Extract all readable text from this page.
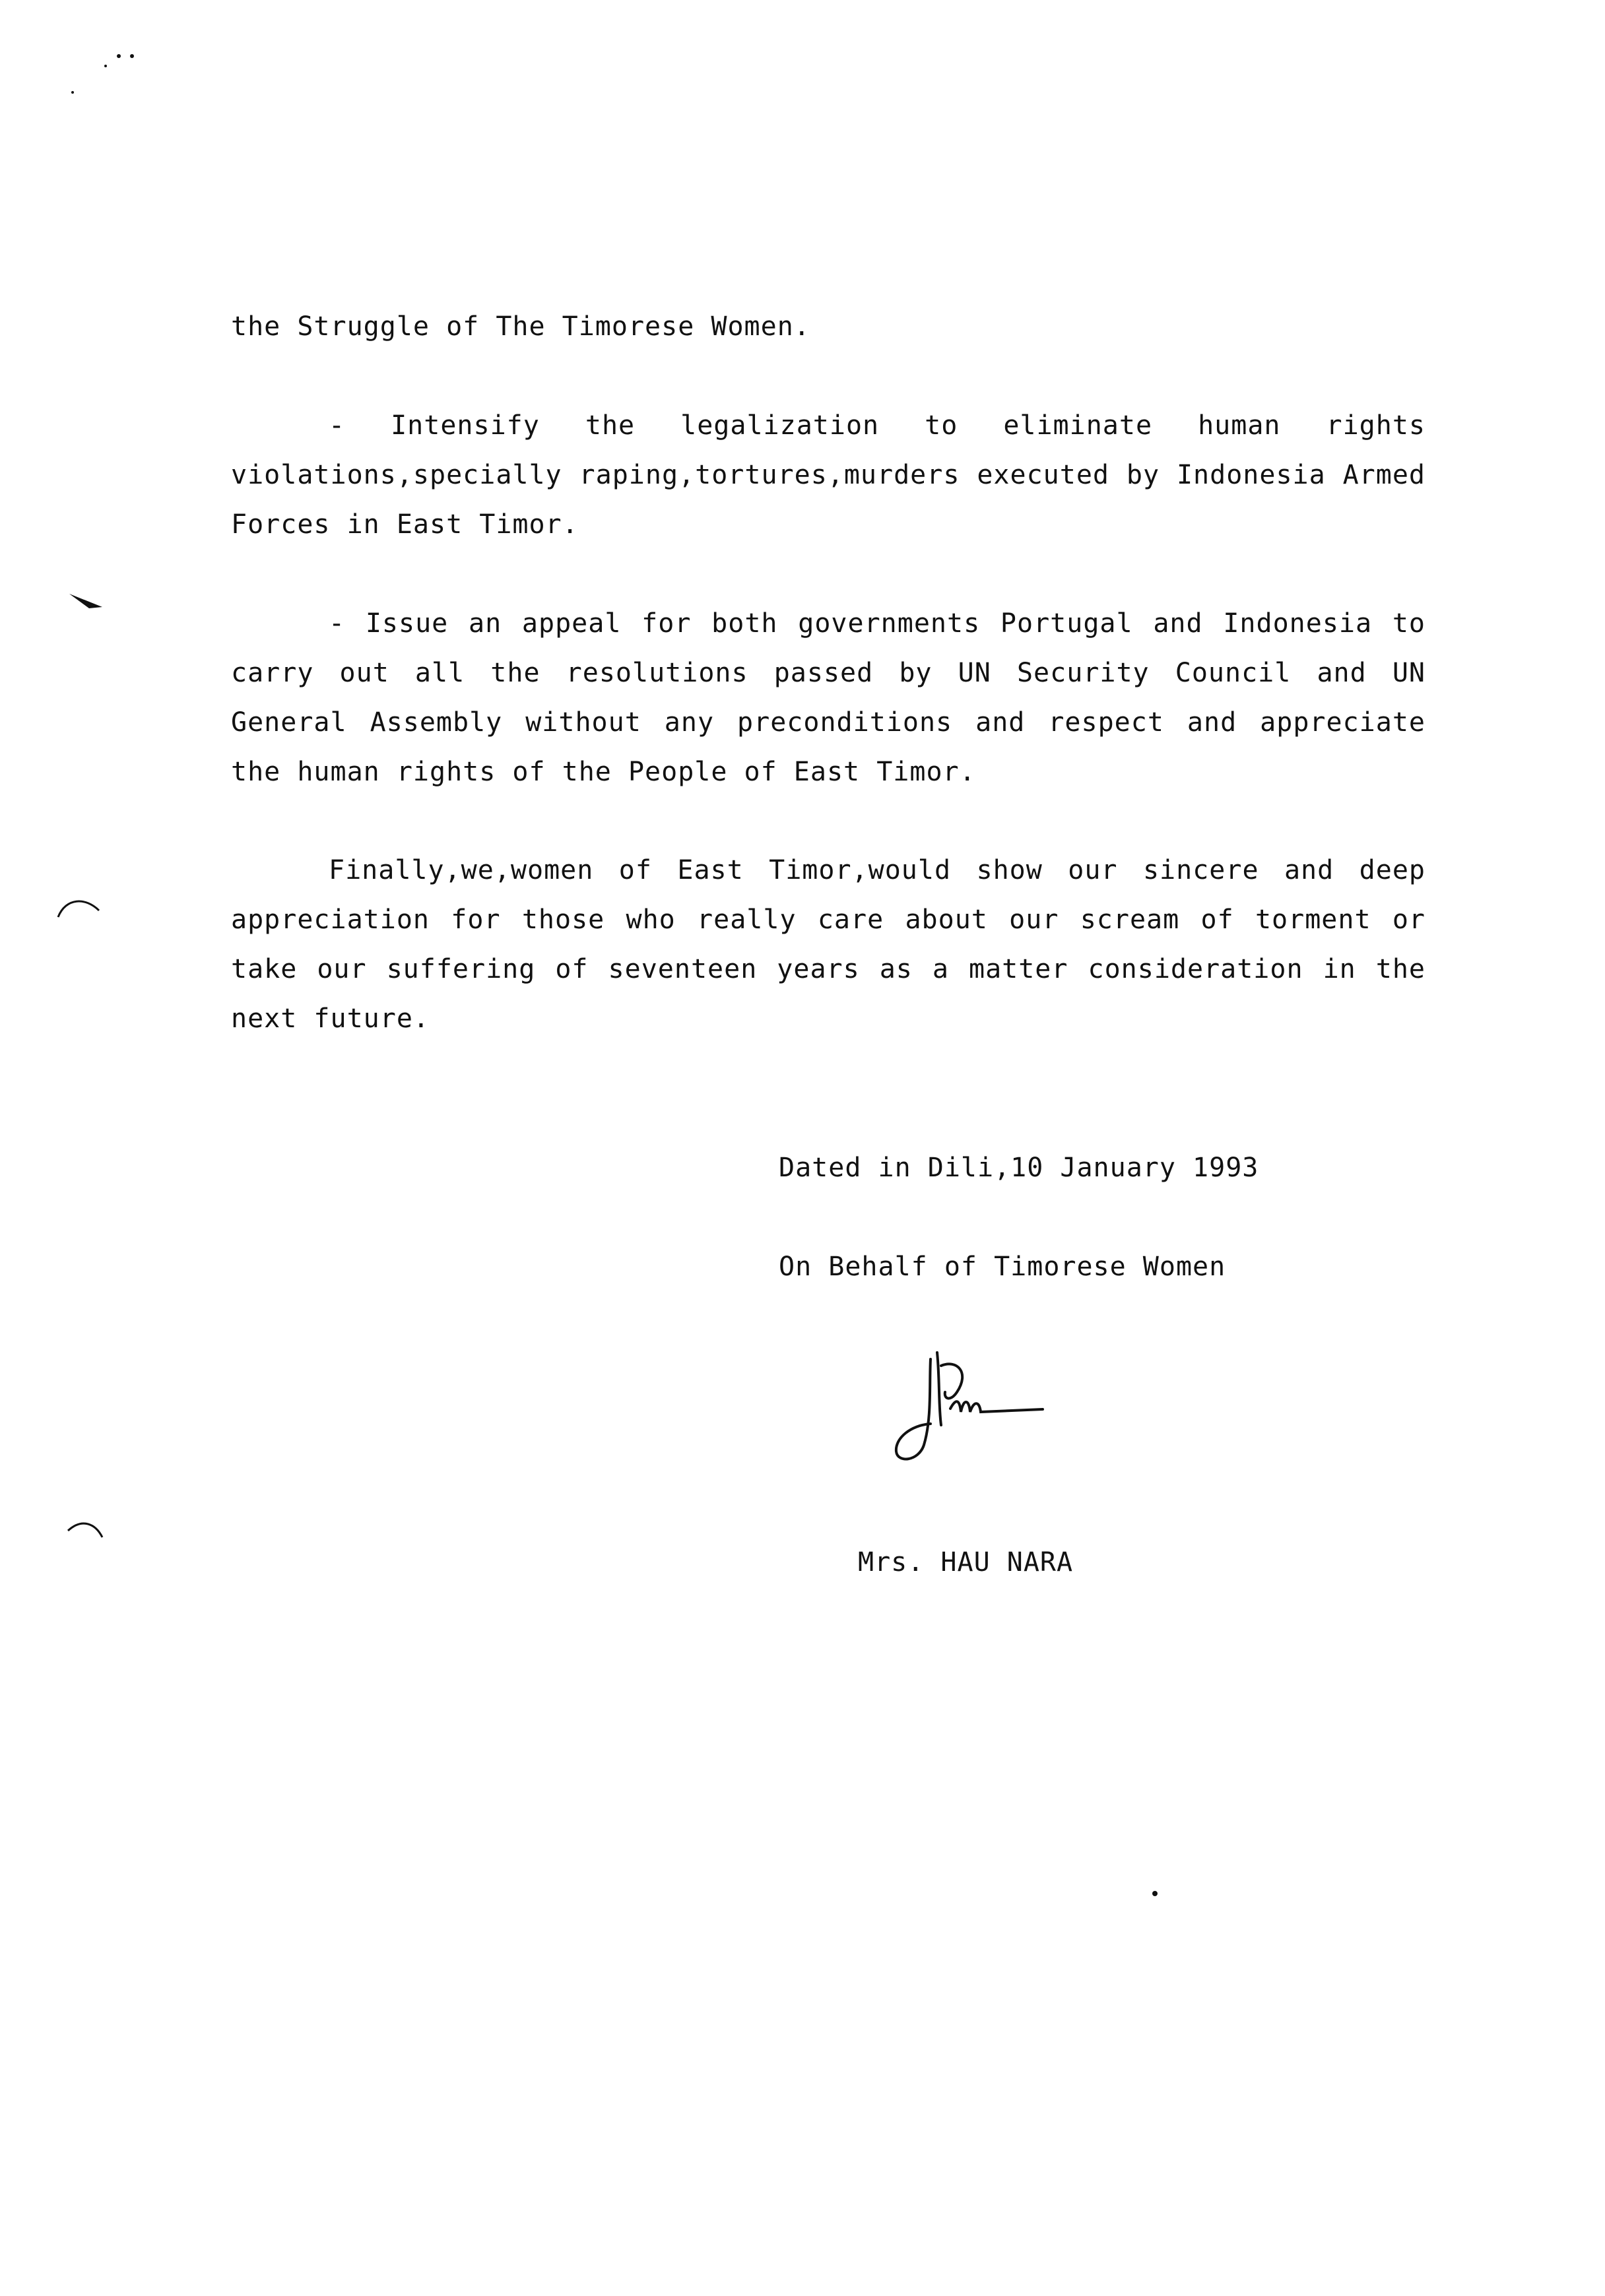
the Struggle of The Timorese Women.

- Intensify the legalization to eliminate human rights violations,specially raping,tortures,murders executed by Indonesia Armed Forces in East Timor.

- Issue an appeal for both governments Portugal and Indonesia to carry out all the resolutions passed by UN Security Council and UN General Assembly without any preconditions and respect and appreciate the human rights of the People of East Timor.

Finally,we,women of East Timor,would show our sincere and deep appreciation for those who really care about our scream of torment or take our suffering of seventeen years as a matter consideration in the next future.

Dated in Dili,10 January 1993

On Behalf of Timorese Women

Mrs. HAU NARA
